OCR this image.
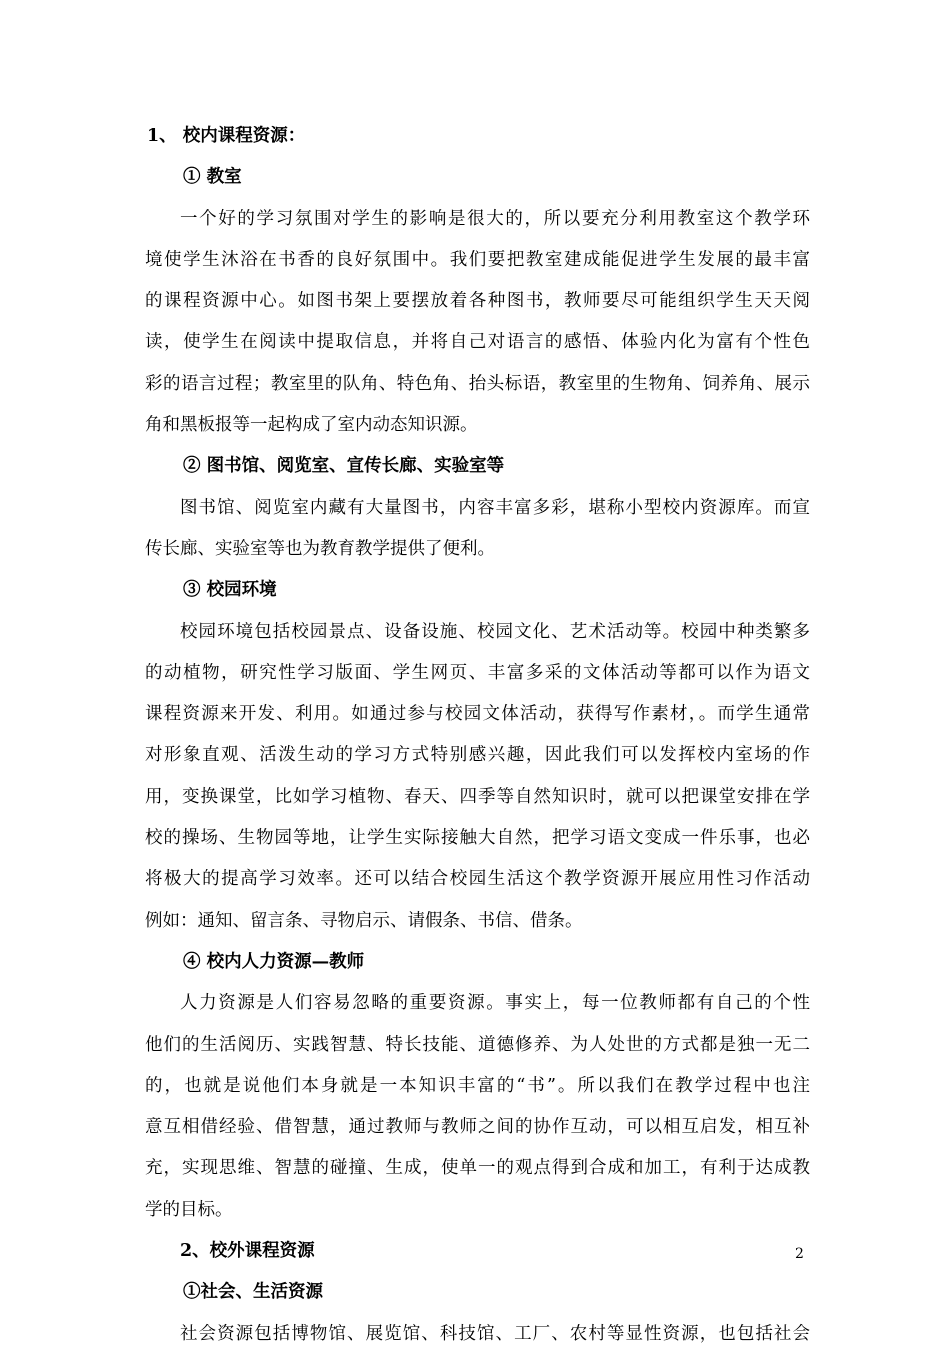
1、 校内课程资源：
① 教室
一个好的学习氛围对学生的影响是很大的，所以要充分利用教室这个教学环
境使学生沐浴在书香的良好氛围中。我们要把教室建成能促进学生发展的最丰富
的课程资源中心。如图书架上要摆放着各种图书，教师要尽可能组织学生天天阅
读，使学生在阅读中提取信息，并将自己对语言的感悟、体验内化为富有个性色
彩的语言过程；教室里的队角、特色角、抬头标语，教室里的生物角、饲养角、展示
角和黑板报等一起构成了室内动态知识源。
② 图书馆、阅览室、宣传长廊、实验室等
图书馆、阅览室内藏有大量图书，内容丰富多彩，堪称小型校内资源库。而宣
传长廊、实验室等也为教育教学提供了便利。
③ 校园环境
校园环境包括校园景点、设备设施、校园文化、艺术活动等。校园中种类繁多
的动植物，研究性学习版面、学生网页、丰富多采的文体活动等都可以作为语文
课程资源来开发、利用。如通过参与校园文体活动，获得写作素材，。而学生通常
对形象直观、活泼生动的学习方式特别感兴趣，因此我们可以发挥校内室场的作
用，变换课堂，比如学习植物、春天、四季等自然知识时，就可以把课堂安排在学
校的操场、生物园等地，让学生实际接触大自然，把学习语文变成一件乐事，也必
将极大的提高学习效率。还可以结合校园生活这个教学资源开展应用性习作活动
例如：通知、留言条、寻物启示、请假条、书信、借条。
④ 校内人力资源—教师
人力资源是人们容易忽略的重要资源。事实上，每一位教师都有自己的个性
他们的生活阅历、实践智慧、特长技能、道德修养、为人处世的方式都是独一无二
的，也就是说他们本身就是一本知识丰富的“书”。所以我们在教学过程中也注
意互相借经验、借智慧，通过教师与教师之间的协作互动，可以相互启发，相互补
充，实现思维、智慧的碰撞、生成，使单一的观点得到合成和加工，有利于达成教
学的目标。
2、校外课程资源
①社会、生活资源
社会资源包括博物馆、展览馆、科技馆、工厂、农村等显性资源，也包括社会
2
